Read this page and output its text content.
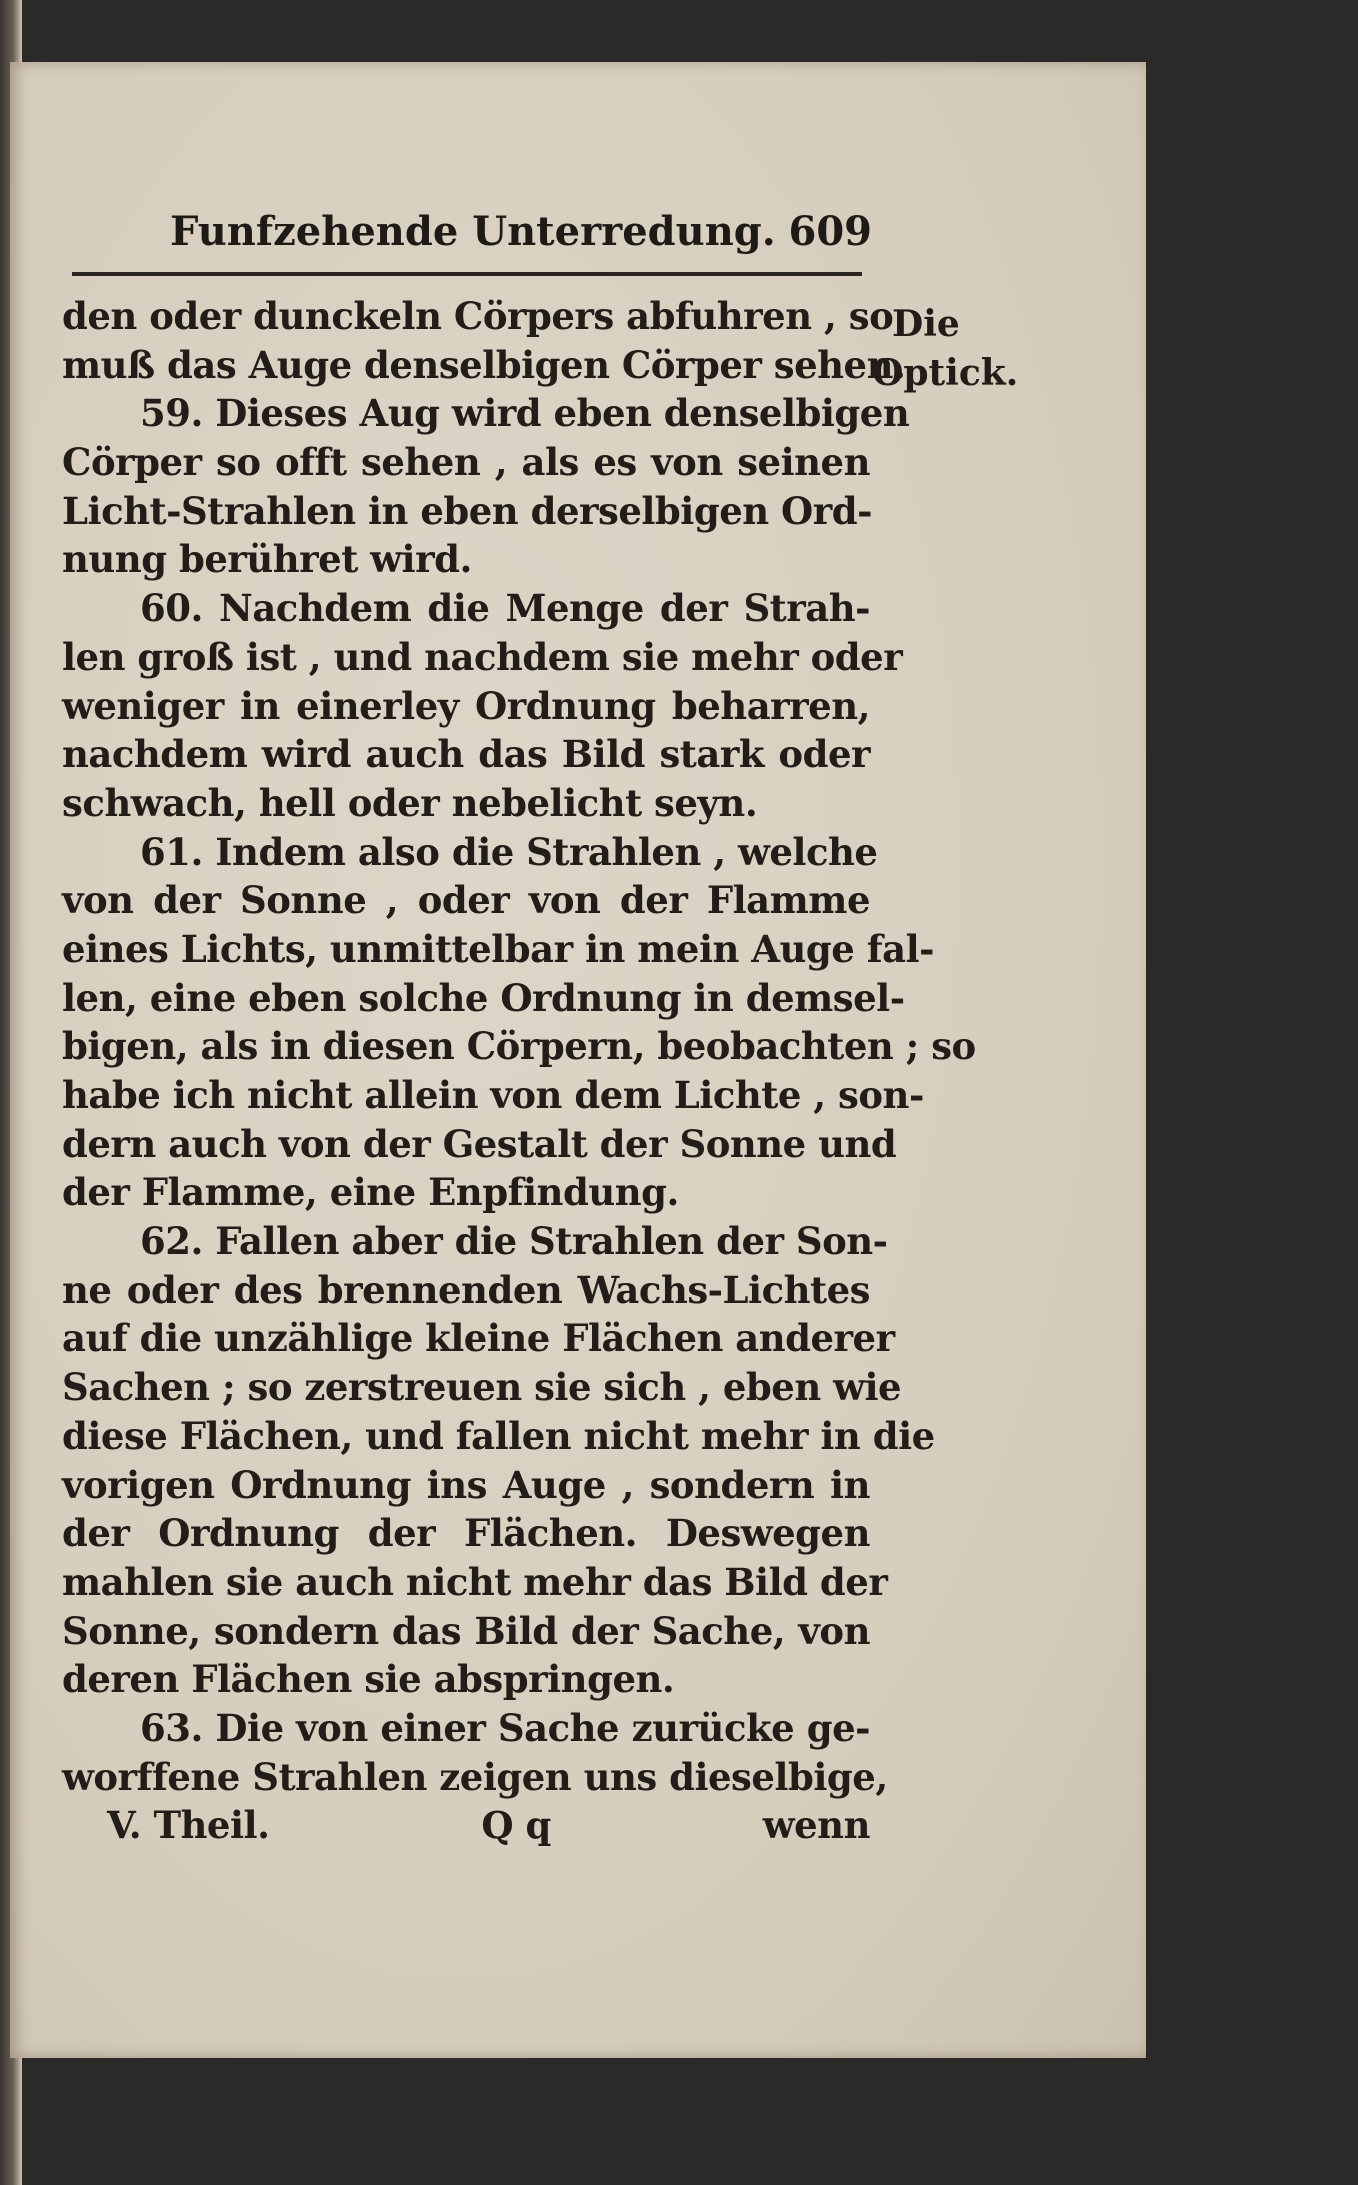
Funfzehende Unterredung. 609
Die
Optick.
den oder dunckeln Cörpers abfuhren , so
muß das Auge denselbigen Cörper sehen.
59. Dieses Aug wird eben denselbigen
Cörper so offt sehen , als es von seinen
Licht-Strahlen in eben derselbigen Ord-
nung berühret wird.
60. Nachdem die Menge der Strah-
len groß ist , und nachdem sie mehr oder
weniger in einerley Ordnung beharren,
nachdem wird auch das Bild stark oder
schwach, hell oder nebelicht seyn.
61. Indem also die Strahlen , welche
von der Sonne , oder von der Flamme
eines Lichts, unmittelbar in mein Auge fal-
len, eine eben solche Ordnung in demsel-
bigen, als in diesen Cörpern, beobachten ; so
habe ich nicht allein von dem Lichte , son-
dern auch von der Gestalt der Sonne und
der Flamme, eine Enpfindung.
62. Fallen aber die Strahlen der Son-
ne oder des brennenden Wachs-Lichtes
auf die unzählige kleine Flächen anderer
Sachen ; so zerstreuen sie sich , eben wie
diese Flächen, und fallen nicht mehr in die
vorigen Ordnung ins Auge , sondern in
der Ordnung der Flächen. Deswegen
mahlen sie auch nicht mehr das Bild der
Sonne, sondern das Bild der Sache, von
deren Flächen sie abspringen.
63. Die von einer Sache zurücke ge-
worffene Strahlen zeigen uns dieselbige,
V. Theil.	Q q	wenn
